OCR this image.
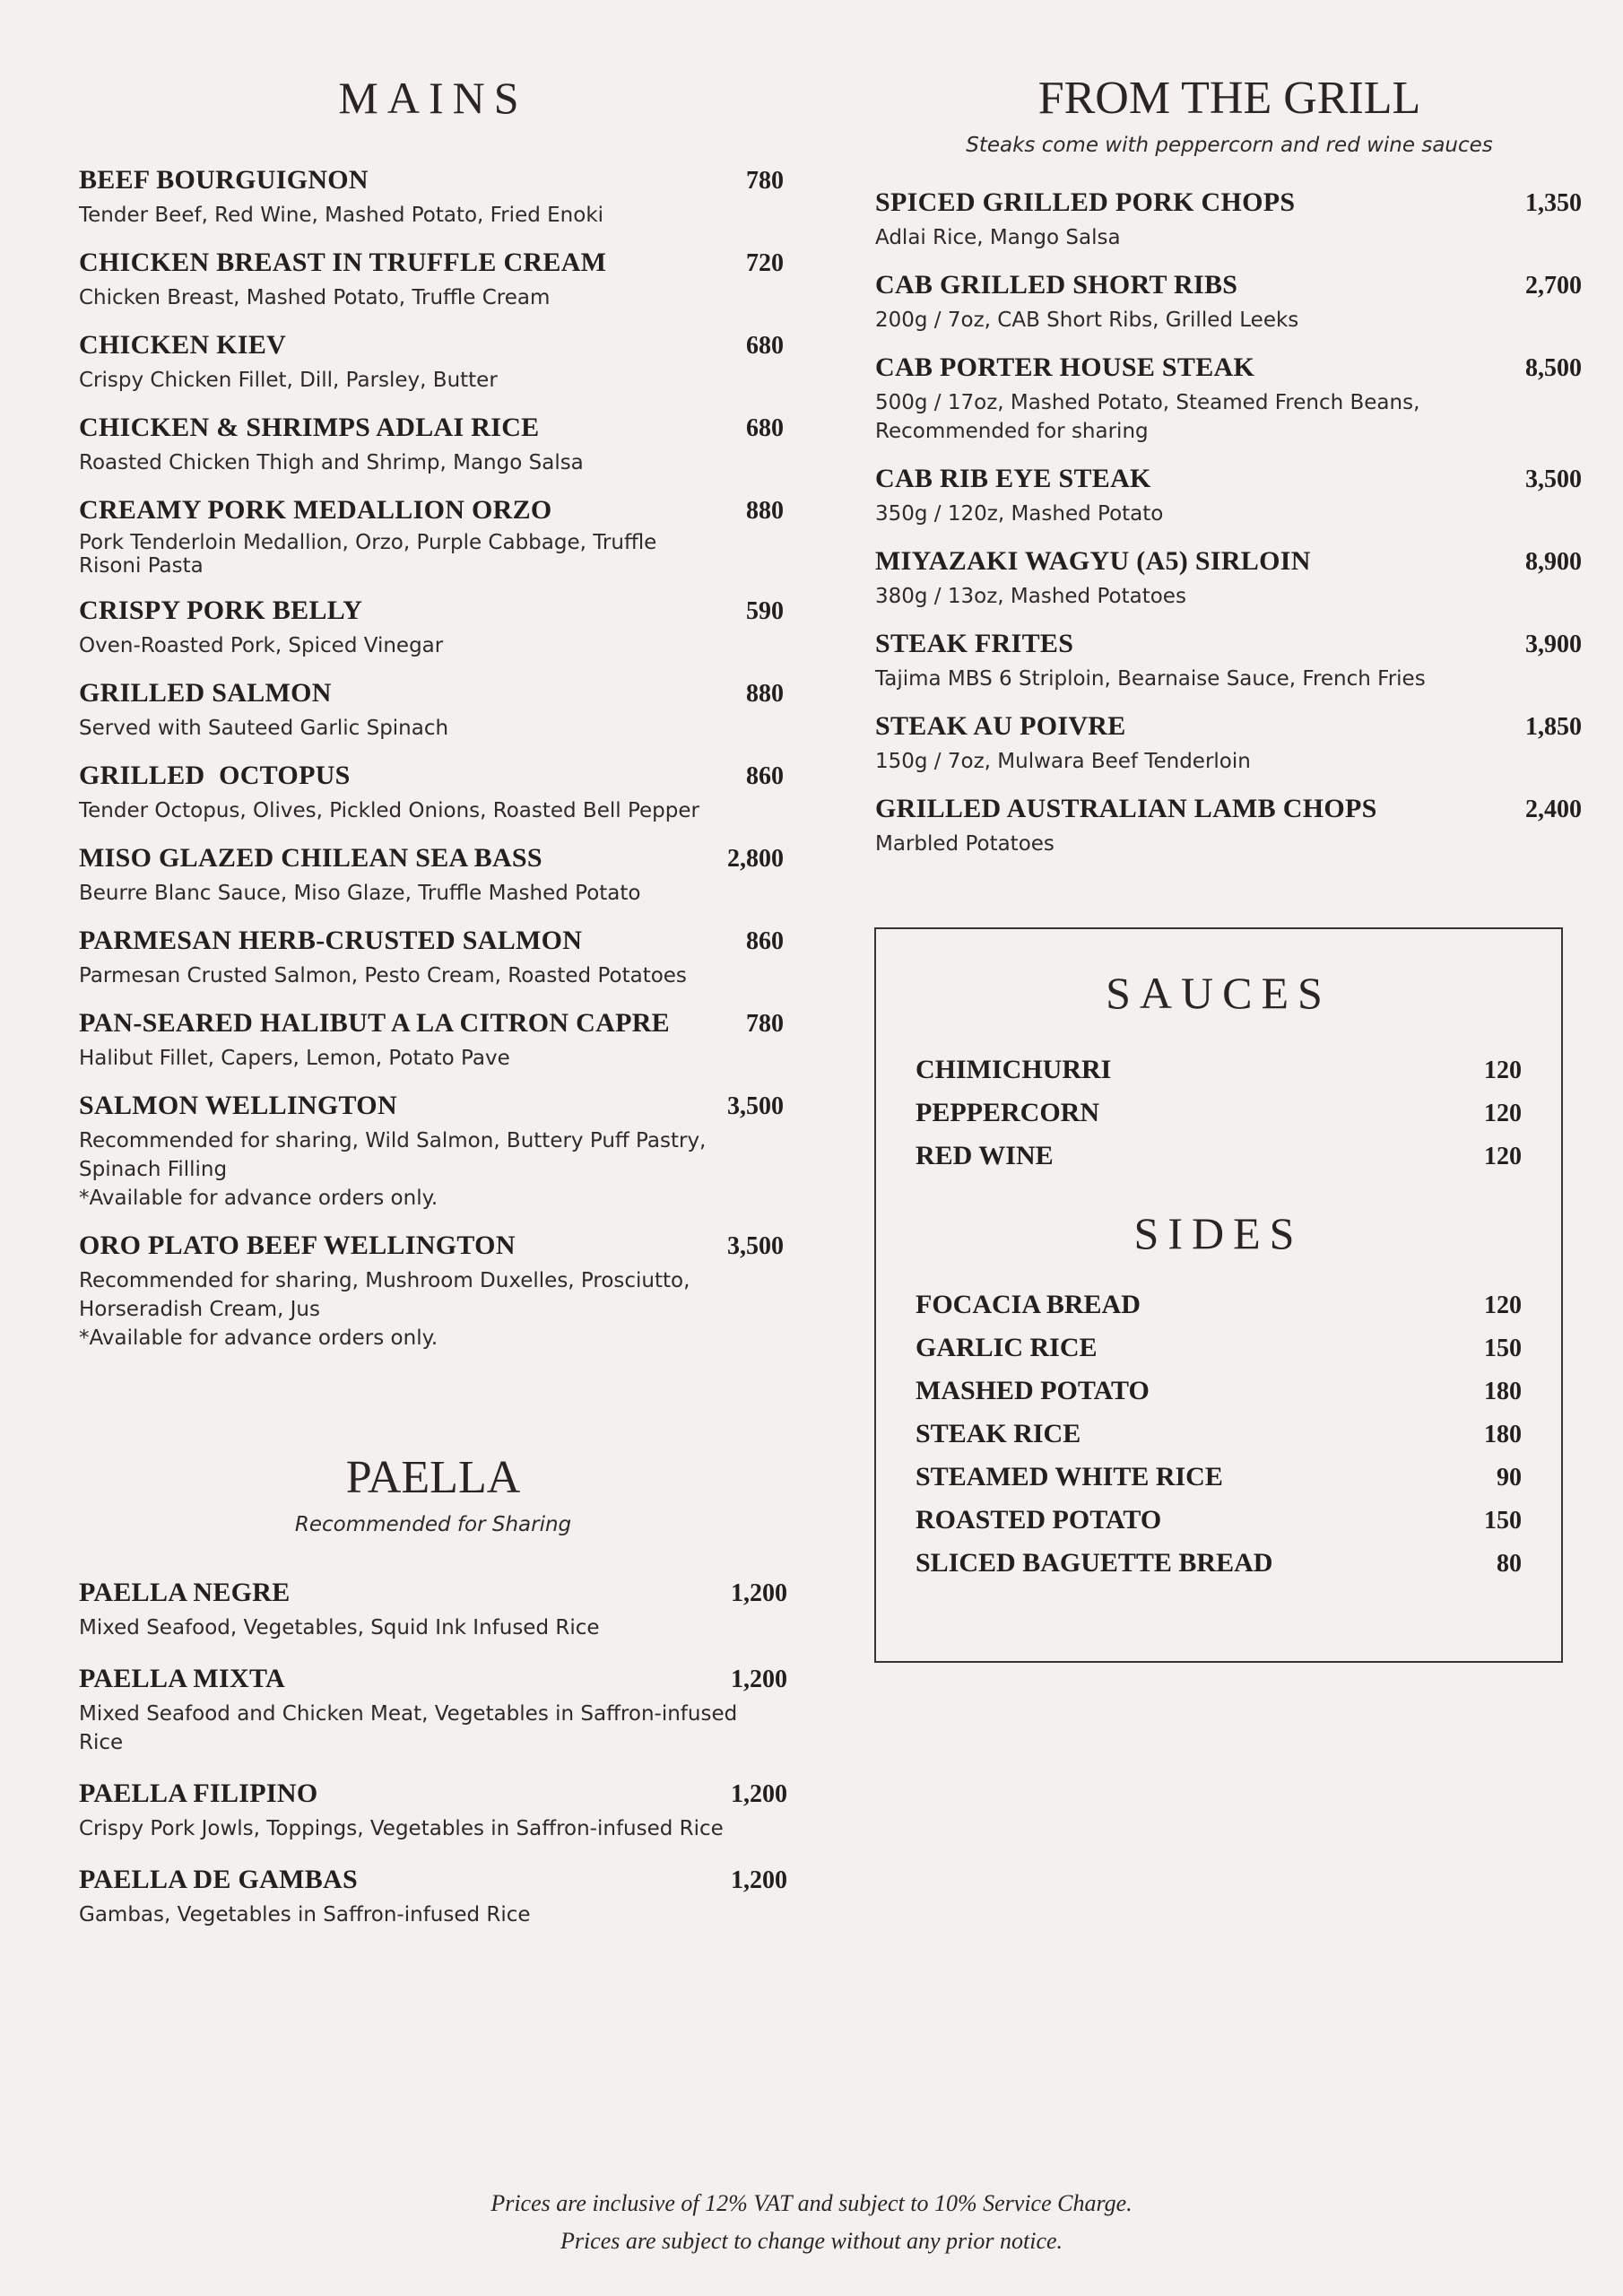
MAINS
BEEF BOURGUIGNON	780
Tender Beef, Red Wine, Mashed Potato, Fried Enoki
CHICKEN BREAST IN TRUFFLE CREAM	720
Chicken Breast, Mashed Potato, Truffle Cream
CHICKEN KIEV	680
Crispy Chicken Fillet, Dill, Parsley, Butter
CHICKEN & SHRIMPS ADLAI RICE	680
Roasted Chicken Thigh and Shrimp, Mango Salsa
CREAMY PORK MEDALLION ORZO	880
Pork Tenderloin Medallion, Orzo, Purple Cabbage, Truffle Risoni Pasta
CRISPY PORK BELLY	590
Oven-Roasted Pork, Spiced Vinegar
GRILLED SALMON	880
Served with Sauteed Garlic Spinach
GRILLED  OCTOPUS	860
Tender Octopus, Olives, Pickled Onions, Roasted Bell Pepper
MISO GLAZED CHILEAN SEA BASS	2,800
Beurre Blanc Sauce, Miso Glaze, Truffle Mashed Potato
PARMESAN HERB-CRUSTED SALMON	860
Parmesan Crusted Salmon, Pesto Cream, Roasted Potatoes
PAN-SEARED HALIBUT A LA CITRON CAPRE	780
Halibut Fillet, Capers, Lemon, Potato Pave
SALMON WELLINGTON	3,500
Recommended for sharing, Wild Salmon, Buttery Puff Pastry, Spinach Filling
*Available for advance orders only.
ORO PLATO BEEF WELLINGTON	3,500
Recommended for sharing, Mushroom Duxelles, Prosciutto, Horseradish Cream, Jus
*Available for advance orders only.
PAELLA

Recommended for Sharing

PAELLA NEGRE	1,200
Mixed Seafood, Vegetables, Squid Ink Infused Rice
PAELLA MIXTA	1,200
Mixed Seafood and Chicken Meat, Vegetables in Saffron-infused Rice
PAELLA FILIPINO	1,200
Crispy Pork Jowls, Toppings, Vegetables in Saffron-infused Rice
PAELLA DE GAMBAS	1,200
Gambas, Vegetables in Saffron-infused Rice
FROM THE GRILL

Steaks come with peppercorn and red wine sauces

SPICED GRILLED PORK CHOPS	1,350
Adlai Rice, Mango Salsa
CAB GRILLED SHORT RIBS	2,700
200g / 7oz, CAB Short Ribs, Grilled Leeks
CAB PORTER HOUSE STEAK	8,500
500g / 17oz, Mashed Potato, Steamed French Beans, Recommended for sharing
CAB RIB EYE STEAK	3,500
350g / 120z, Mashed Potato
MIYAZAKI WAGYU (A5) SIRLOIN	8,900
380g / 13oz, Mashed Potatoes
STEAK FRITES	3,900
Tajima MBS 6 Striploin, Bearnaise Sauce, French Fries
STEAK AU POIVRE	1,850
150g / 7oz, Mulwara Beef Tenderloin
GRILLED AUSTRALIAN LAMB CHOPS	2,400
Marbled Potatoes
SAUCES
CHIMICHURRI	120
PEPPERCORN	120
RED WINE	120
SIDES
FOCACIA BREAD	120
GARLIC RICE	150
MASHED POTATO	180
STEAK RICE	180
STEAMED WHITE RICE	90
ROASTED POTATO	150
SLICED BAGUETTE BREAD	80
Prices are inclusive of 12% VAT and subject to 10% Service Charge.
Prices are subject to change without any prior notice.
